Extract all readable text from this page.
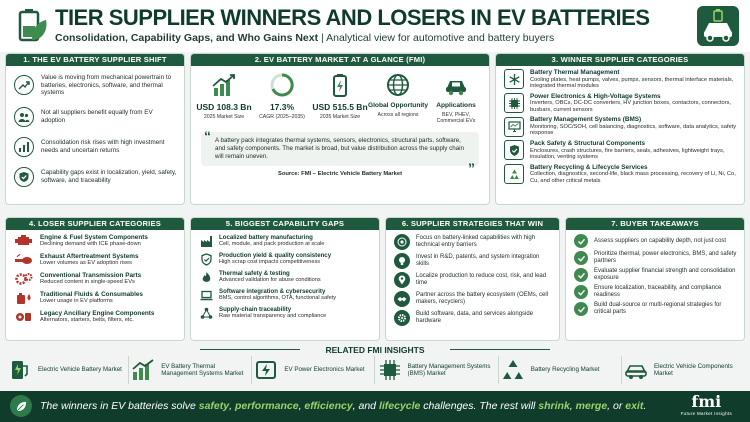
TIER SUPPLIER WINNERS AND LOSERS IN EV BATTERIES
Consolidation, Capability Gaps, and Who Gains Next | Analytical view for automotive and battery buyers
1. THE EV BATTERY SUPPLIER SHIFT
Value is moving from mechanical powertrain to batteries, electronics, software, and thermal systems
Not all suppliers benefit equally from EV adoption
Consolidation risk rises with high investment needs and uncertain returns
Capability gaps exist in localization, yield, safety, software, and traceability
2. EV BATTERY MARKET AT A GLANCE (FMI)
USD 108.3 Bn
2025 Market Size
17.3%
CAGR (2025–2035)
USD 515.5 Bn
2035 Market Size
Global Opportunity
Across all regions
Applications
BEV, PHEV, Commercial EVs
“ A battery pack integrates thermal systems, sensors, electronics, structural parts, software, and safety components. The market is broad, but value distribution across the supply chain will remain uneven.
”
Source: FMI – Electric Vehicle Battery Market
3. WINNER SUPPLIER CATEGORIES
Battery Thermal Management
Cooling plates, heat pumps, valves, pumps, sensors, thermal interface materials, integrated thermal modules
Power Electronics & High-Voltage Systems
Inverters, OBCs, DC-DC converters, HV junction boxes, contactors, connectors, busbars, current sensors
Battery Management Systems (BMS)
Monitoring, SOC/SOH, cell balancing, diagnostics, software, data analytics, safety response
Pack Safety & Structural Components
Enclosures, crash structures, fire barriers, seals, adhesives, lightweight trays, insulation, venting systems
Battery Recycling & Lifecycle Services
Collection, diagnostics, second-life, black mass processing, recovery of Li, Ni, Co, Cu, and other critical metals
4. LOSER SUPPLIER CATEGORIES
Engine & Fuel System Components
Declining demand with ICE phase-down
Exhaust Aftertreatment Systems
Lower volumes as EV adoption rises
Conventional Transmission Parts
Reduced content in single-speed EVs
Traditional Fluids & Consumables
Lower usage in EV platforms
Legacy Ancillary Engine Components
Alternators, starters, belts, filters, etc.
5. BIGGEST CAPABILITY GAPS
Localized battery manufacturing
Cell, module, and pack production at scale
Production yield & quality consistency
High scrap cost impacts competitiveness
Thermal safety & testing
Advanced validation for abuse conditions
Software integration & cybersecurity
BMS, control algorithms, OTA, functional safety
Supply-chain traceability
Raw material transparency and compliance
6. SUPPLIER STRATEGIES THAT WIN
Focus on battery-linked capabilities with high technical entry barriers
Invest in R&D, patents, and system integration skills
Localize production to reduce cost, risk, and lead time
Partner across the battery ecosystem (OEMs, cell makers, recyclers)
Build software, data, and services alongside hardware
7. BUYER TAKEAWAYS
Assess suppliers on capability depth, not just cost
Prioritize thermal, power electronics, BMS, and safety partners
Evaluate supplier financial strength and consolidation exposure
Ensure localization, traceability, and compliance readiness
Build dual-source or multi-regional strategies for critical parts
RELATED FMI INSIGHTS
Electric Vehicle Battery Market
EV Battery Thermal Management Systems Market
EV Power Electronics Market
Battery Management Systems (BMS) Market
Battery Recycling Market
Electric Vehicle Components Market
The winners in EV batteries solve safety, performance, efficiency, and lifecycle challenges. The rest will shrink, merge, or exit.	fmi
Future Market Insights
